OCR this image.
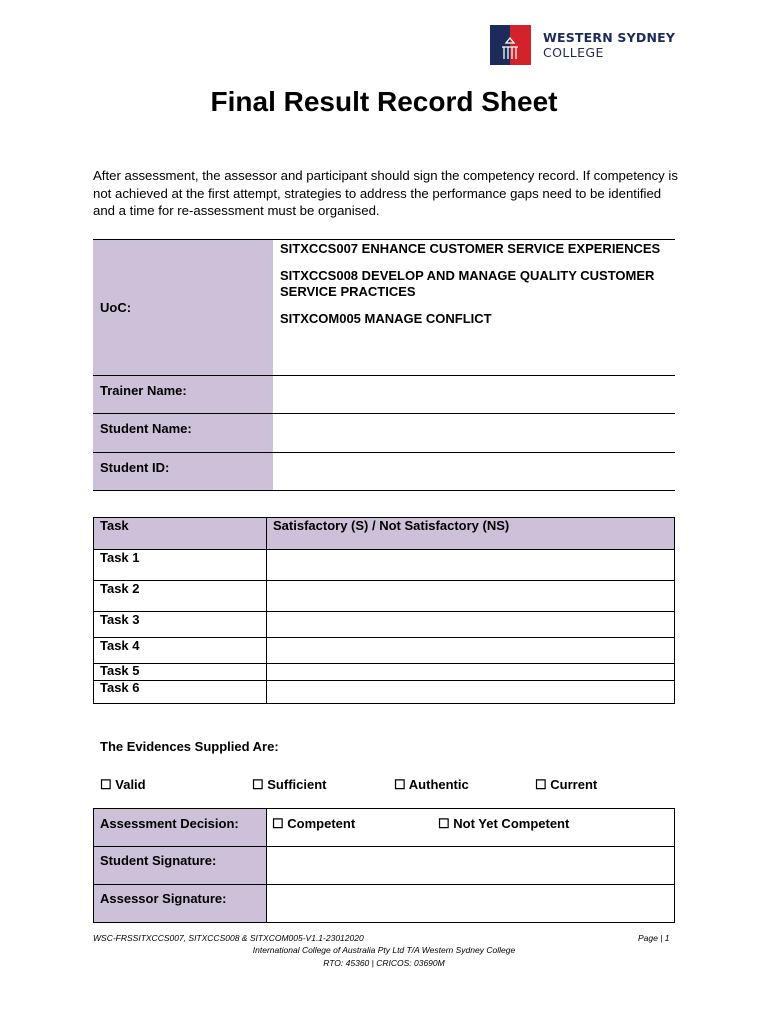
WESTERN SYDNEY
COLLEGE
Final Result Record Sheet
After assessment, the assessor and participant should sign the competency record. If competency is not achieved at the first attempt, strategies to address the performance gaps need to be identified and a time for re-assessment must be organised.
UoC:	SITXCCS007 ENHANCE CUSTOMER SERVICE EXPERIENCES
SITXCCS008 DEVELOP AND MANAGE QUALITY CUSTOMER SERVICE PRACTICES
SITXCOM005 MANAGE CONFLICT

Trainer Name:	
Student Name:	
Student ID:	
Task	Satisfactory (S) / Not Satisfactory (NS)
Task 1	
Task 2	
Task 3	
Task 4	
Task 5	
Task 6	
The Evidences Supplied Are:
☐ Valid	☐ Sufficient	☐ Authentic	☐ Current
Assessment Decision:	☐ Competent ☐ Not Yet Competent

Student Signature:	
Assessor Signature:	
WSC-FRSSITXCCS007, SITXCCS008 & SITXCOM005-V1.1-23012020	Page | 1
International College of Australia Pty Ltd T/A Western Sydney College
RTO: 45360 | CRICOS: 03690M
